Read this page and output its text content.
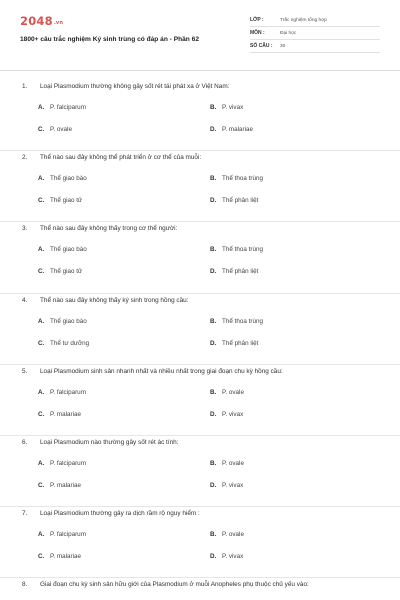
2048.vn
1800+ câu trắc nghiệm Ký sinh trùng có đáp án - Phần 62
LỚP :	Trắc nghiệm tổng hợp
MÔN :	Đại học
SỐ CÂU :	30
1. Loại Plasmodium thường không gây sốt rét tái phát xa ở Việt Nam:
A. P. falciparum	B. P. vivax
C. P. ovale	D. P. malariae
2. Thể nào sau đây không thể phát triển ở cơ thể của muỗi:
A. Thể giao bào	B. Thể thoa trùng
C. Thể giao tử	D. Thể phân liệt
3. Thể nào sau đây không thấy trong cơ thể người:
A. Thể giao bào	B. Thể thoa trùng
C. Thể giao tử	D. Thể phân liệt
4. Thể nào sau đây không thấy ký sinh trong hồng cầu:
A. Thể giao bào	B. Thể thoa trùng
C. Thể tư dưỡng	D. Thể phân liệt
5. Loại Plasmodium sinh sản nhanh nhất và nhiều nhất trong giai đoạn chu kỳ hồng cầu:
A. P. falciparum	B. P. ovale
C. P. malariae	D. P. vivax
6. Loại Plasmodium nào thường gây sốt rét ác tính:
A. P. falciparum	B. P. ovale
C. P. malariae	D. P. vivax
7. Loại Plasmodium thường gây ra dịch rầm rộ nguy hiểm :
A. P. falciparum	B. P. ovale
C. P. malariae	D. P. vivax
8. Giai đoạn chu kỳ sinh sản hữu giới của Plasmodium ở muỗi Anopheles phụ thuộc chủ yếu vào:
